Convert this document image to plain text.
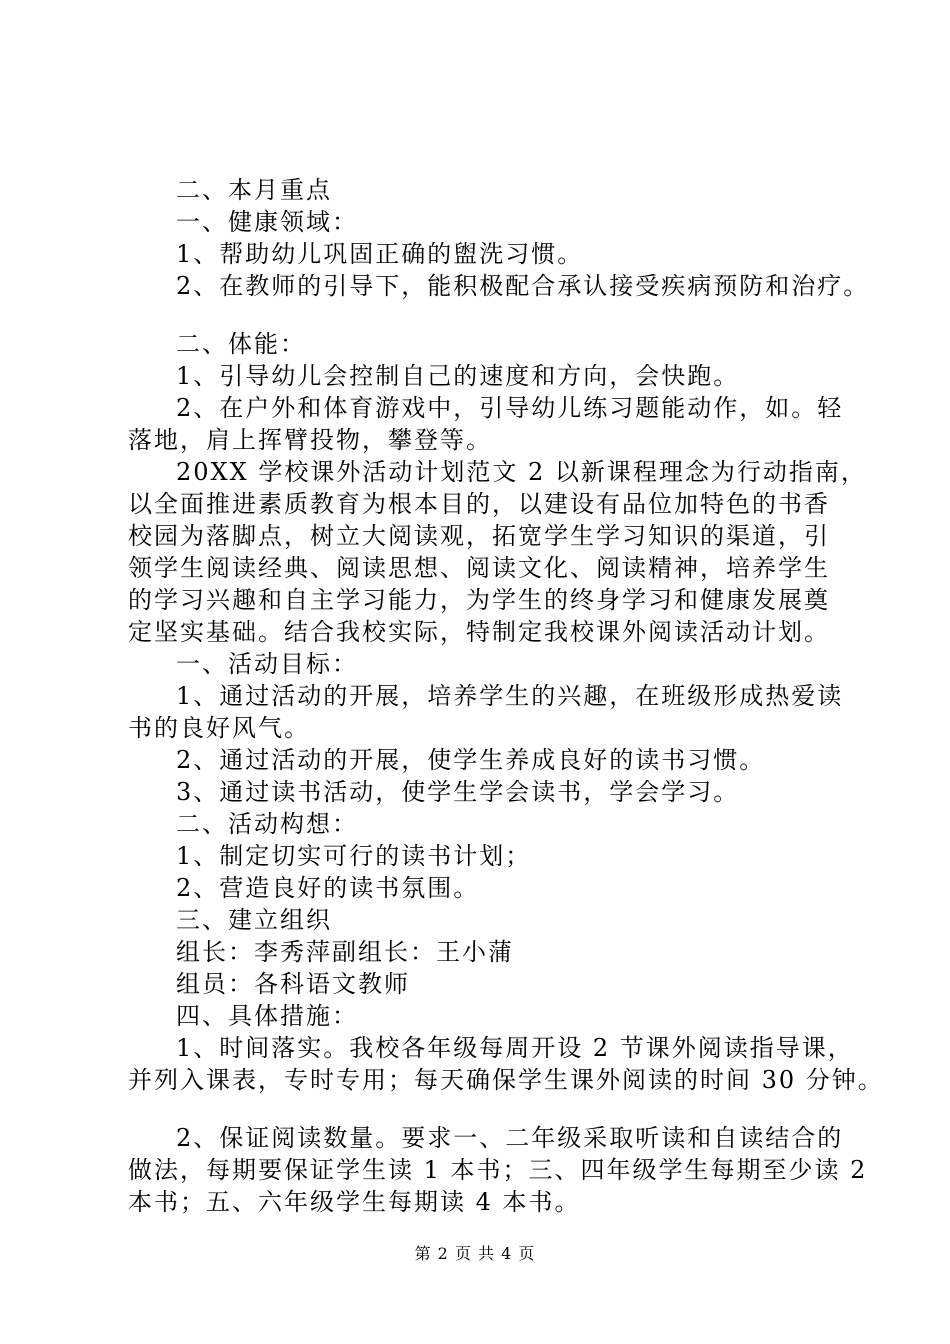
二、本月重点
一、健康领域：
1、帮助幼儿巩固正确的盥洗习惯。
2、在教师的引导下，能积极配合承认接受疾病预防和治疗。
二、体能：
1、引导幼儿会控制自己的速度和方向，会快跑。
2、在户外和体育游戏中，引导幼儿练习题能动作，如。轻
落地，肩上挥臂投物，攀登等。
20XX 学校课外活动计划范文 2 以新课程理念为行动指南，
以全面推进素质教育为根本目的，以建设有品位加特色的书香
校园为落脚点，树立大阅读观，拓宽学生学习知识的渠道，引
领学生阅读经典、阅读思想、阅读文化、阅读精神，培养学生
的学习兴趣和自主学习能力，为学生的终身学习和健康发展奠
定坚实基础。结合我校实际，特制定我校课外阅读活动计划。
一、活动目标：
1、通过活动的开展，培养学生的兴趣，在班级形成热爱读
书的良好风气。
2、通过活动的开展，使学生养成良好的读书习惯。
3、通过读书活动，使学生学会读书，学会学习。
二、活动构想：
1、制定切实可行的读书计划；
2、营造良好的读书氛围。
三、建立组织
组长：李秀萍副组长：王小蒲
组员：各科语文教师
四、具体措施：
1、时间落实。我校各年级每周开设 2 节课外阅读指导课，
并列入课表，专时专用；每天确保学生课外阅读的时间 30 分钟。
2、保证阅读数量。要求一、二年级采取听读和自读结合的
做法，每期要保证学生读 1 本书；三、四年级学生每期至少读 2
本书；五、六年级学生每期读 4 本书。
第 2 页 共 4 页
